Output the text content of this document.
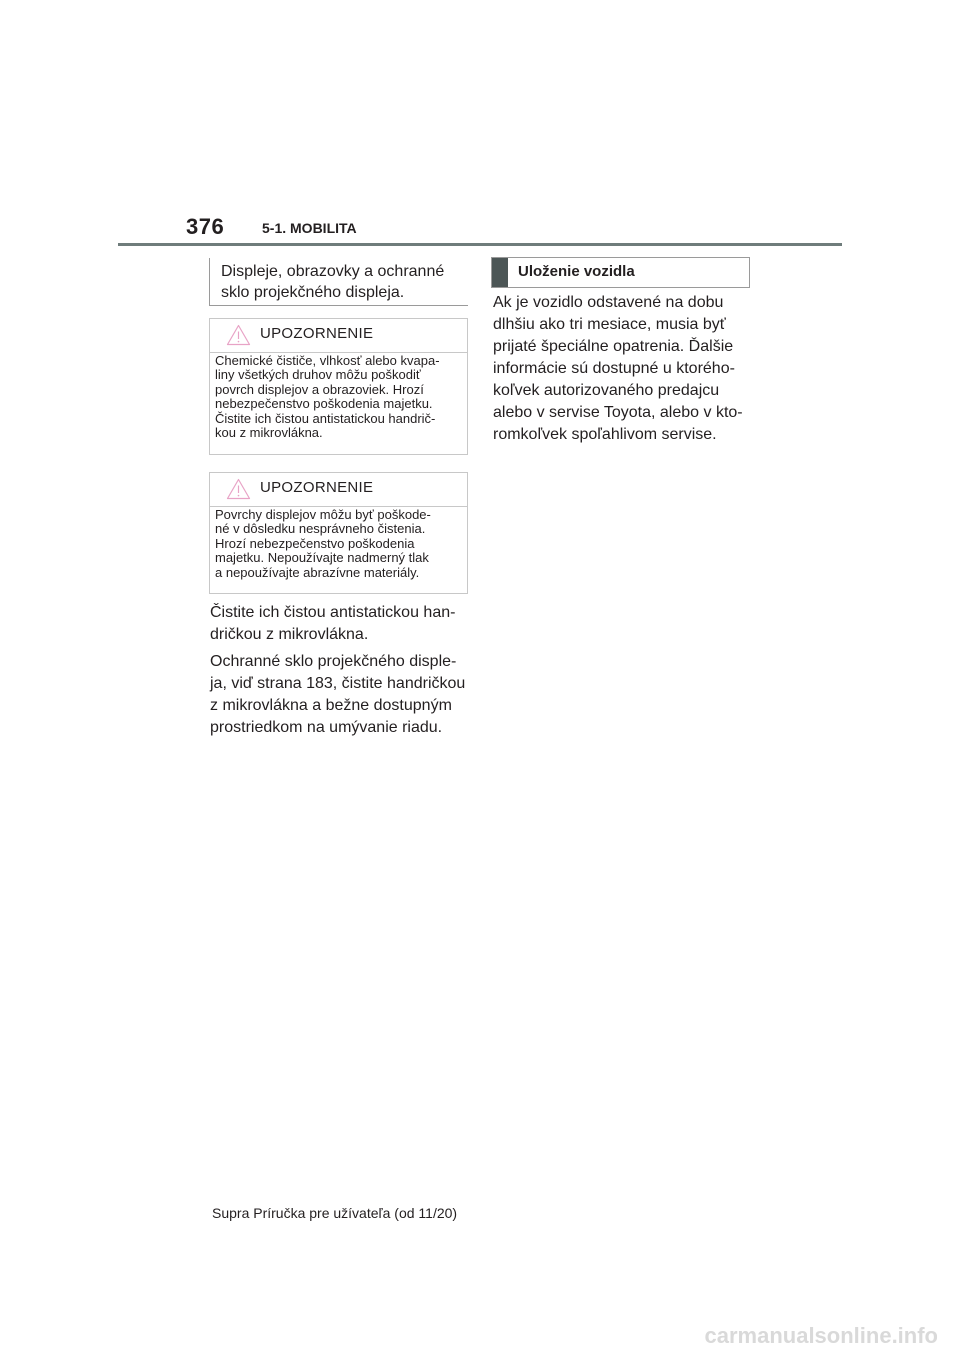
376	5-1. MOBILITA
Displeje, obrazovky a ochranné sklo projekčného displeja.
UPOZORNENIE
Chemické čističe, vlhkosť alebo kvapa-
liny všetkých druhov môžu poškodiť
povrch displejov a obrazoviek. Hrozí
nebezpečenstvo poškodenia majetku.
Čistite ich čistou antistatickou handrič-
kou z mikrovlákna.
UPOZORNENIE
Povrchy displejov môžu byť poškode-
né v dôsledku nesprávneho čistenia.
Hrozí nebezpečenstvo poškodenia
majetku. Nepoužívajte nadmerný tlak
a nepoužívajte abrazívne materiály.
Čistite ich čistou antistatickou han-
dričkou z mikrovlákna.
Ochranné sklo projekčného disple-
ja, viď strana 183, čistite handričkou
z mikrovlákna a bežne dostupným
prostriedkom na umývanie riadu.
Uloženie vozidla
Ak je vozidlo odstavené na dobu
dlhšiu ako tri mesiace, musia byť
prijaté špeciálne opatrenia. Ďalšie
informácie sú dostupné u ktorého-
koľvek autorizovaného predajcu
alebo v servise Toyota, alebo v kto-
romkoľvek spoľahlivom servise.
Supra Príručka pre užívateľa (od 11/20)
carmanualsonline.info
